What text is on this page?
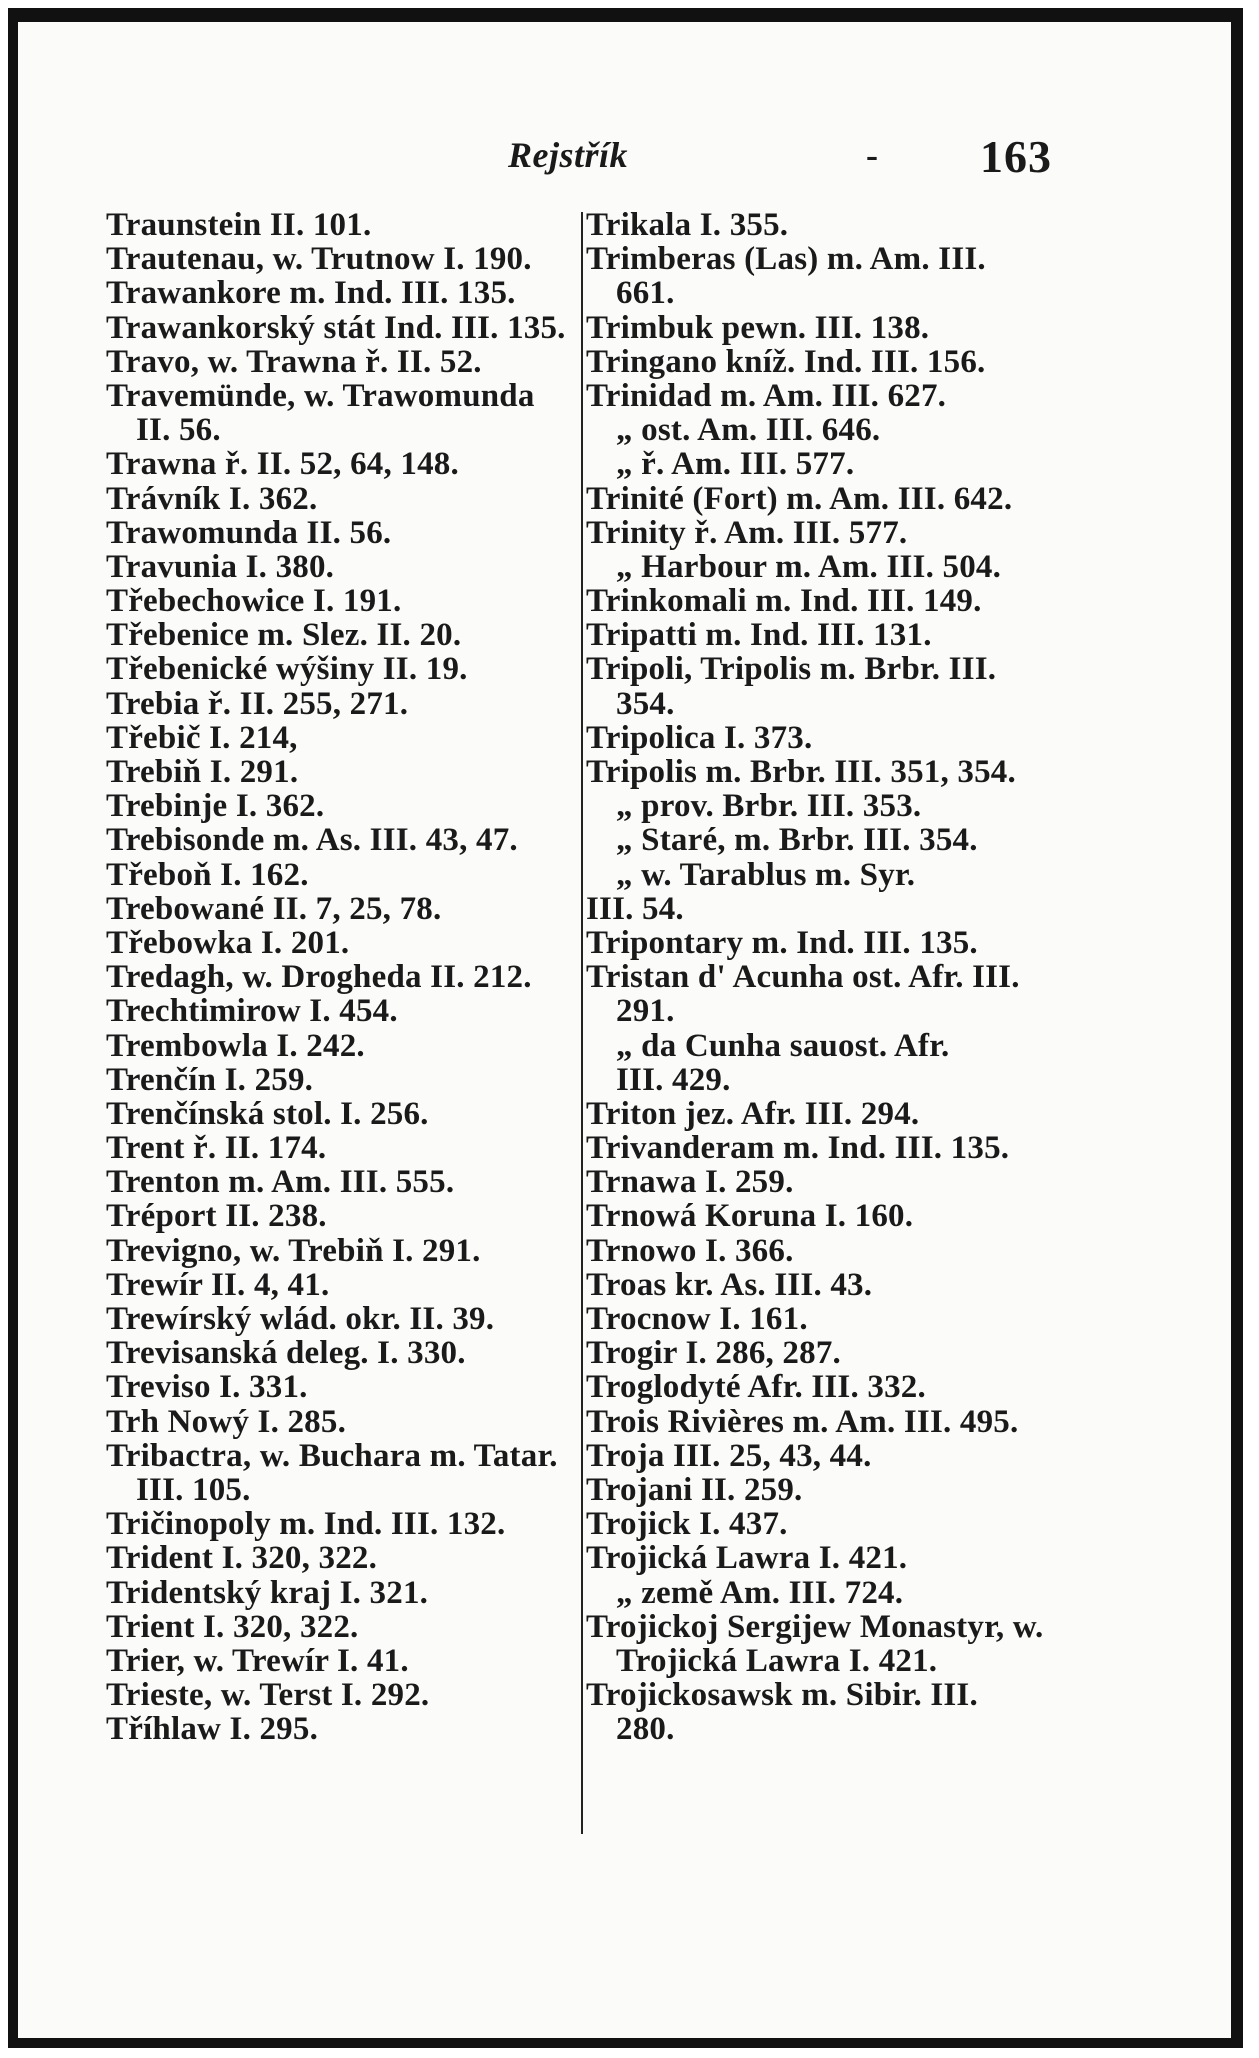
Rejstřík	- 163
Traunstein II. 101.
Trautenau, w. Trutnow I. 190.
Trawankore m. Ind. III. 135.
Trawankorský stát Ind. III. 135.
Travo, w. Trawna ř. II. 52.
Travemünde, w. Trawomunda
II. 56.
Trawna ř. II. 52, 64, 148.
Trávník I. 362.
Trawomunda II. 56.
Travunia I. 380.
Třebechowice I. 191.
Třebenice m. Slez. II. 20.
Třebenické wýšiny II. 19.
Trebia ř. II. 255, 271.
Třebič I. 214,
Trebiň I. 291.
Trebinje I. 362.
Trebisonde m. As. III. 43, 47.
Třeboň I. 162.
Trebowané II. 7, 25, 78.
Třebowka I. 201.
Tredagh, w. Drogheda II. 212.
Trechtimirow I. 454.
Trembowla I. 242.
Trenčín I. 259.
Trenčínská stol. I. 256.
Trent ř. II. 174.
Trenton m. Am. III. 555.
Tréport II. 238.
Trevigno, w. Trebiň I. 291.
Trewír II. 4, 41.
Trewírský wlád. okr. II. 39.
Trevisanská deleg. I. 330.
Treviso I. 331.
Trh Nowý I. 285.
Tribactra, w. Buchara m. Tatar.
III. 105.
Tričinopoly m. Ind. III. 132.
Trident I. 320, 322.
Tridentský kraj I. 321.
Trient I. 320, 322.
Trier, w. Trewír I. 41.
Trieste, w. Terst I. 292.
Tříhlaw I. 295.
Trikala I. 355.
Trimberas (Las) m. Am. III.
661.
Trimbuk pewn. III. 138.
Tringano kníž. Ind. III. 156.
Trinidad m. Am. III. 627.
„ ost. Am. III. 646.
„ ř. Am. III. 577.
Trinité (Fort) m. Am. III. 642.
Trinity ř. Am. III. 577.
„ Harbour m. Am. III. 504.
Trinkomali m. Ind. III. 149.
Tripatti m. Ind. III. 131.
Tripoli, Tripolis m. Brbr. III.
354.
Tripolica I. 373.
Tripolis m. Brbr. III. 351, 354.
„ prov. Brbr. III. 353.
„ Staré, m. Brbr. III. 354.
„ w. Tarablus m. Syr.
III. 54.
Tripontary m. Ind. III. 135.
Tristan d' Acunha ost. Afr. III.
291.
„ da Cunha sauost. Afr.
III. 429.
Triton jez. Afr. III. 294.
Trivanderam m. Ind. III. 135.
Trnawa I. 259.
Trnowá Koruna I. 160.
Trnowo I. 366.
Troas kr. As. III. 43.
Trocnow I. 161.
Trogir I. 286, 287.
Troglodyté Afr. III. 332.
Trois Rivières m. Am. III. 495.
Troja III. 25, 43, 44.
Trojani II. 259.
Trojick I. 437.
Trojická Lawra I. 421.
„ země Am. III. 724.
Trojickoj Sergijew Monastyr, w.
Trojická Lawra I. 421.
Trojickosawsk m. Sibir. III.
280.
